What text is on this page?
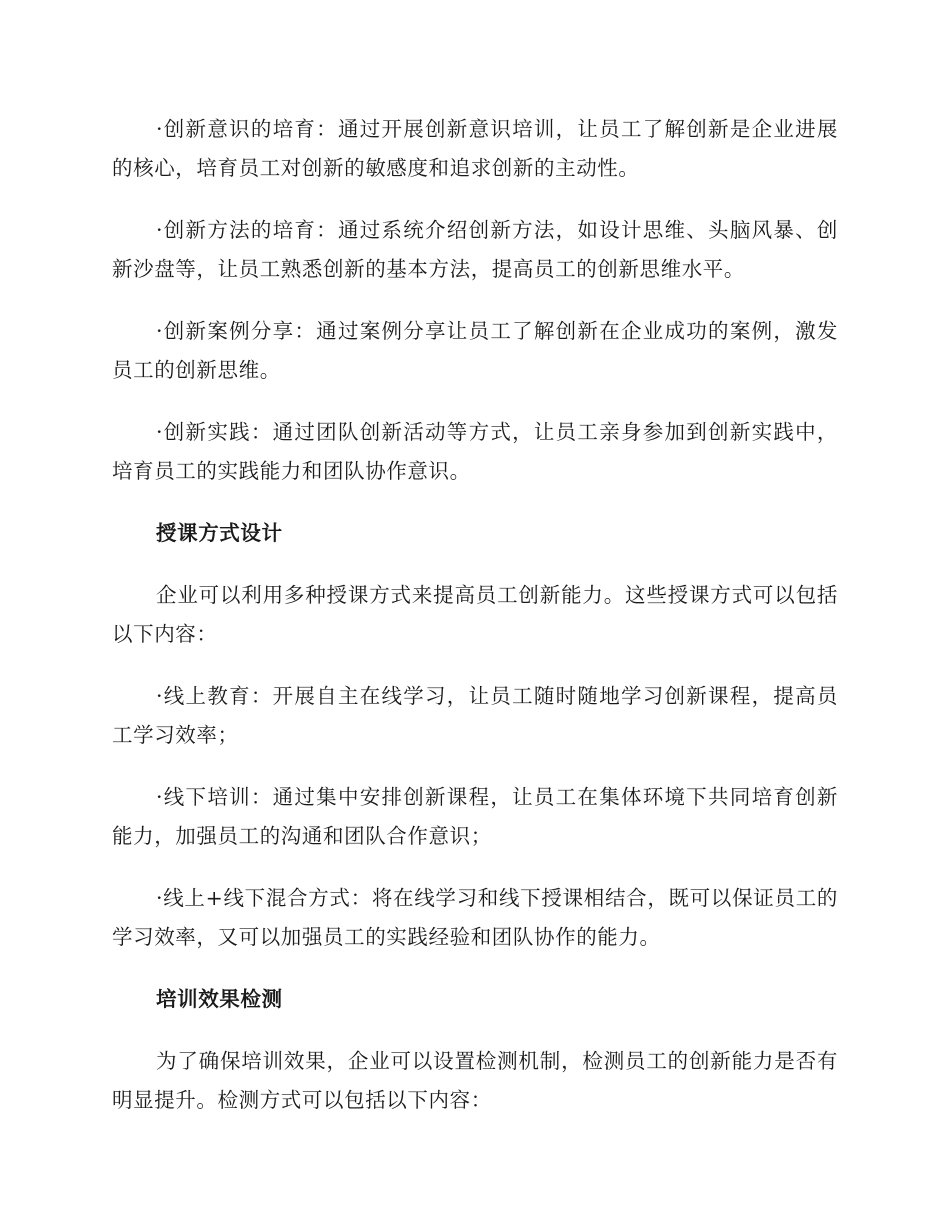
·创新意识的培育：通过开展创新意识培训，让员工了解创新是企业进展的核心，培育员工对创新的敏感度和追求创新的主动性。

·创新方法的培育：通过系统介绍创新方法，如设计思维、头脑风暴、创新沙盘等，让员工熟悉创新的基本方法，提高员工的创新思维水平。

·创新案例分享：通过案例分享让员工了解创新在企业成功的案例，激发员工的创新思维。

·创新实践：通过团队创新活动等方式，让员工亲身参加到创新实践中，培育员工的实践能力和团队协作意识。

授课方式设计

企业可以利用多种授课方式来提高员工创新能力。这些授课方式可以包括以下内容：

·线上教育：开展自主在线学习，让员工随时随地学习创新课程，提高员工学习效率；

·线下培训：通过集中安排创新课程，让员工在集体环境下共同培育创新能力，加强员工的沟通和团队合作意识；

·线上+线下混合方式：将在线学习和线下授课相结合，既可以保证员工的学习效率，又可以加强员工的实践经验和团队协作的能力。

培训效果检测

为了确保培训效果，企业可以设置检测机制，检测员工的创新能力是否有明显提升。检测方式可以包括以下内容：
